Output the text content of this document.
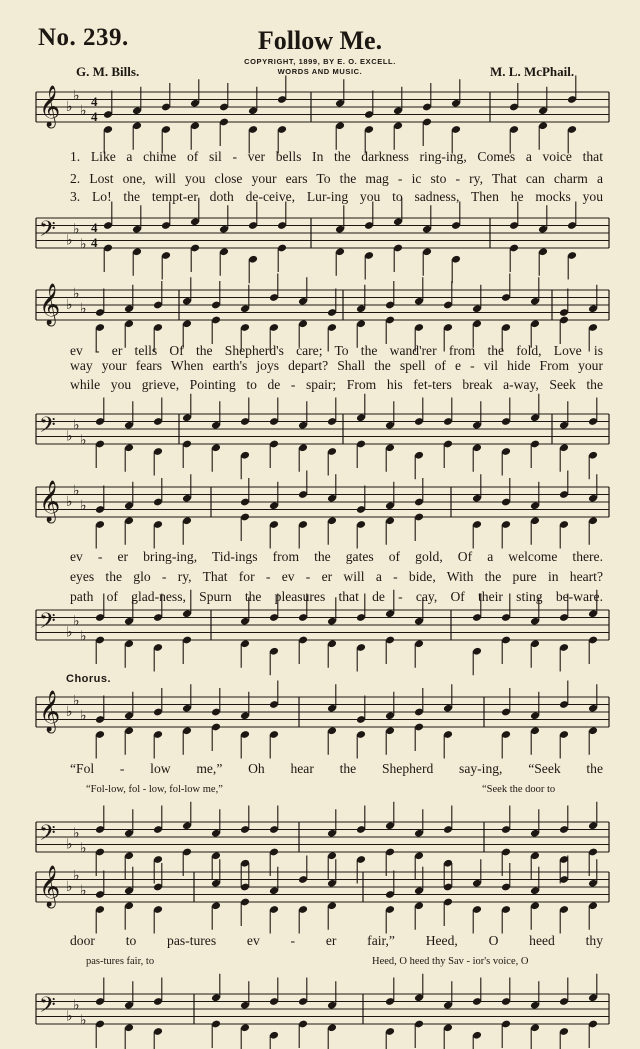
No. 239.	Follow Me.
COPYRIGHT, 1899, BY E. O. EXCELL.
WORDS AND MUSIC.
G. M. Bills.	M. L. McPhail.
𝄞 ♭
♭
♭
4
4
𝄢 ♭
♭
♭
4
4
𝄞 ♭
♭
♭
𝄢 ♭
♭
♭
𝄞 ♭
♭
♭
𝄢 ♭
♭
♭
𝄞 ♭
♭
♭
𝄢 ♭
♭
♭
𝄞 ♭
♭
♭
𝄢 ♭
♭
♭
1. Like a chime of sil - ver bells In the darkness ring-ing, Comes a voice that
2. Lost one, will you close your ears To the mag - ic sto - ry, That can charm a
3. Lo! the tempt-er doth de-ceive, Lur-ing you to sadness, Then he mocks you
ev - er tells Of the Shepherd's care; To the wand'rer from the fold, Love is
way your fears When earth's joys depart? Shall the spell of e - vil hide From your
while you grieve, Pointing to de - spair; From his fet-ters break a-way, Seek the
ev - er bring-ing, Tid-ings from the gates of gold, Of a welcome there.
eyes the glo - ry, That for - ev - er will a - bide, With the pure in heart?
path of glad-ness, Spurn the pleasures that de - cay, Of their sting be-ware.
Chorus.
“Fol - low me,” Oh hear the Shepherd say-ing, “Seek the
“Fol-low, fol - low, fol-low me,”	“Seek the door to
door to pas-tures ev - er fair,” Heed, O heed thy
pas-tures fair, to	Heed, O heed thy Sav - ior's voice, O
